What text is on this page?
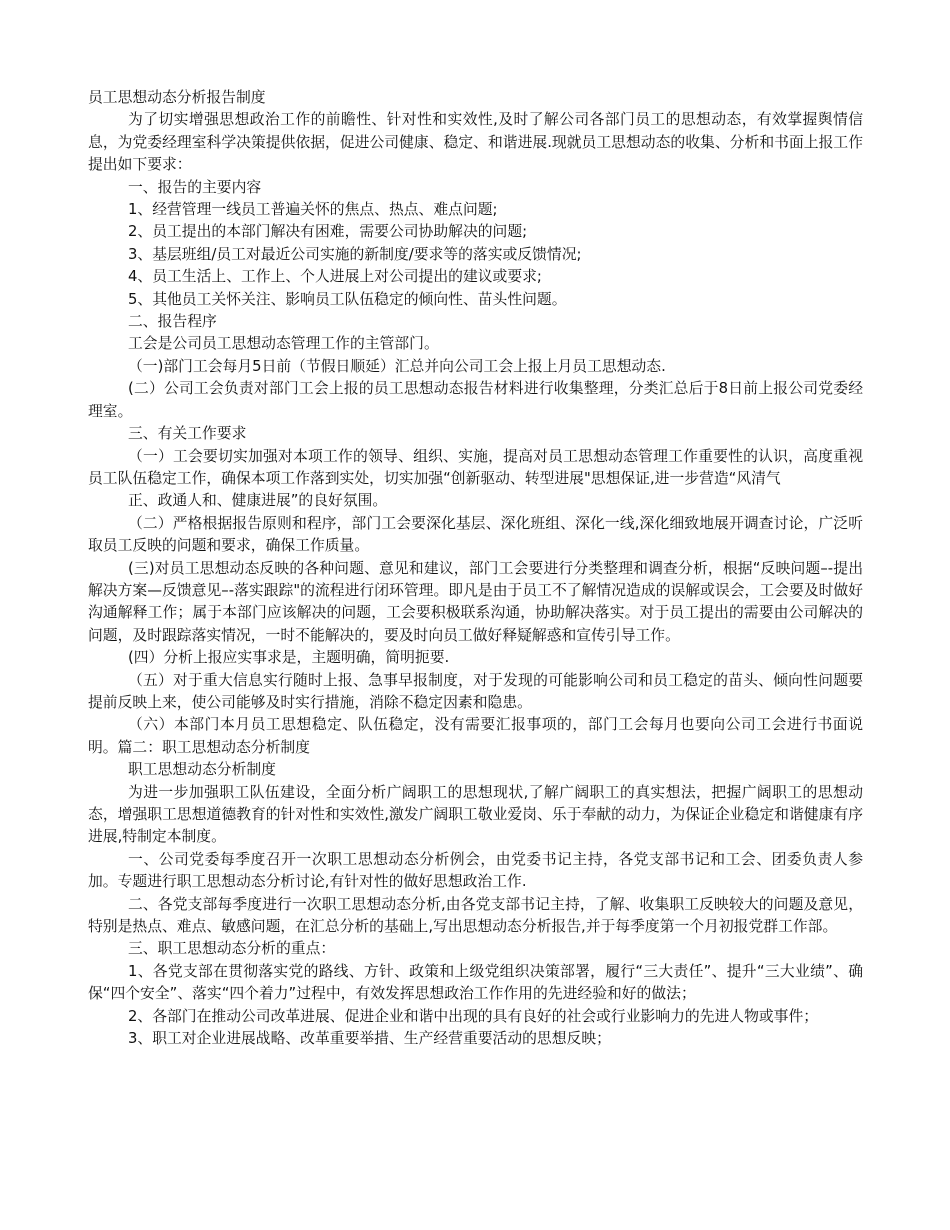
员工思想动态分析报告制度

为了切实增强思想政治工作的前瞻性、针对性和实效性,及时了解公司各部门员工的思想动态，有效掌握舆情信息，为党委经理室科学决策提供依据，促进公司健康、稳定、和谐进展.现就员工思想动态的收集、分析和书面上报工作提出如下要求：

一、报告的主要内容

1、经营管理一线员工普遍关怀的焦点、热点、难点问题;

2、员工提出的本部门解决有困难，需要公司协助解决的问题;

3、基层班组/员工对最近公司实施的新制度/要求等的落实或反馈情况;

4、员工生活上、工作上、个人进展上对公司提出的建议或要求;

5、其他员工关怀关注、影响员工队伍稳定的倾向性、苗头性问题。

二、报告程序

工会是公司员工思想动态管理工作的主管部门。

（一)部门工会每月5日前（节假日顺延）汇总并向公司工会上报上月员工思想动态.

(二）公司工会负责对部门工会上报的员工思想动态报告材料进行收集整理，分类汇总后于8日前上报公司党委经理室。

三、有关工作要求

（一）工会要切实加强对本项工作的领导、组织、实施，提高对员工思想动态管理工作重要性的认识，高度重视员工队伍稳定工作，确保本项工作落到实处，切实加强“创新驱动、转型进展"思想保证,进一步营造“风清气

正、政通人和、健康进展”的良好氛围。

（二）严格根据报告原则和程序，部门工会要深化基层、深化班组、深化一线,深化细致地展开调查讨论，广泛听取员工反映的问题和要求，确保工作质量。

(三)对员工思想动态反映的各种问题、意见和建议，部门工会要进行分类整理和调查分析，根据“反映问题–-提出解决方案—反馈意见–-落实跟踪"的流程进行闭环管理。即凡是由于员工不了解情况造成的误解或误会，工会要及时做好沟通解释工作；属于本部门应该解决的问题，工会要积极联系沟通，协助解决落实。对于员工提出的需要由公司解决的问题，及时跟踪落实情况，一时不能解决的，要及时向员工做好释疑解惑和宣传引导工作。

(四）分析上报应实事求是，主题明确，简明扼要.

（五）对于重大信息实行随时上报、急事早报制度，对于发现的可能影响公司和员工稳定的苗头、倾向性问题要提前反映上来，使公司能够及时实行措施，消除不稳定因素和隐患。

（六）本部门本月员工思想稳定、队伍稳定，没有需要汇报事项的，部门工会每月也要向公司工会进行书面说明。篇二：职工思想动态分析制度

职工思想动态分析制度

为进一步加强职工队伍建设，全面分析广阔职工的思想现状,了解广阔职工的真实想法，把握广阔职工的思想动态，增强职工思想道德教育的针对性和实效性,激发广阔职工敬业爱岗、乐于奉献的动力，为保证企业稳定和谐健康有序进展,特制定本制度。

一、公司党委每季度召开一次职工思想动态分析例会，由党委书记主持，各党支部书记和工会、团委负责人参加。专题进行职工思想动态分析讨论,有针对性的做好思想政治工作.

二、各党支部每季度进行一次职工思想动态分析,由各党支部书记主持，了解、收集职工反映较大的问题及意见，特别是热点、难点、敏感问题，在汇总分析的基础上,写出思想动态分析报告,并于每季度第一个月初报党群工作部。

三、职工思想动态分析的重点：

1、各党支部在贯彻落实党的路线、方针、政策和上级党组织决策部署，履行“三大责任”、提升“三大业绩”、确保“四个安全”、落实“四个着力”过程中，有效发挥思想政治工作作用的先进经验和好的做法；

2、各部门在推动公司改革进展、促进企业和谐中出现的具有良好的社会或行业影响力的先进人物或事件；

3、职工对企业进展战略、改革重要举措、生产经营重要活动的思想反映；
